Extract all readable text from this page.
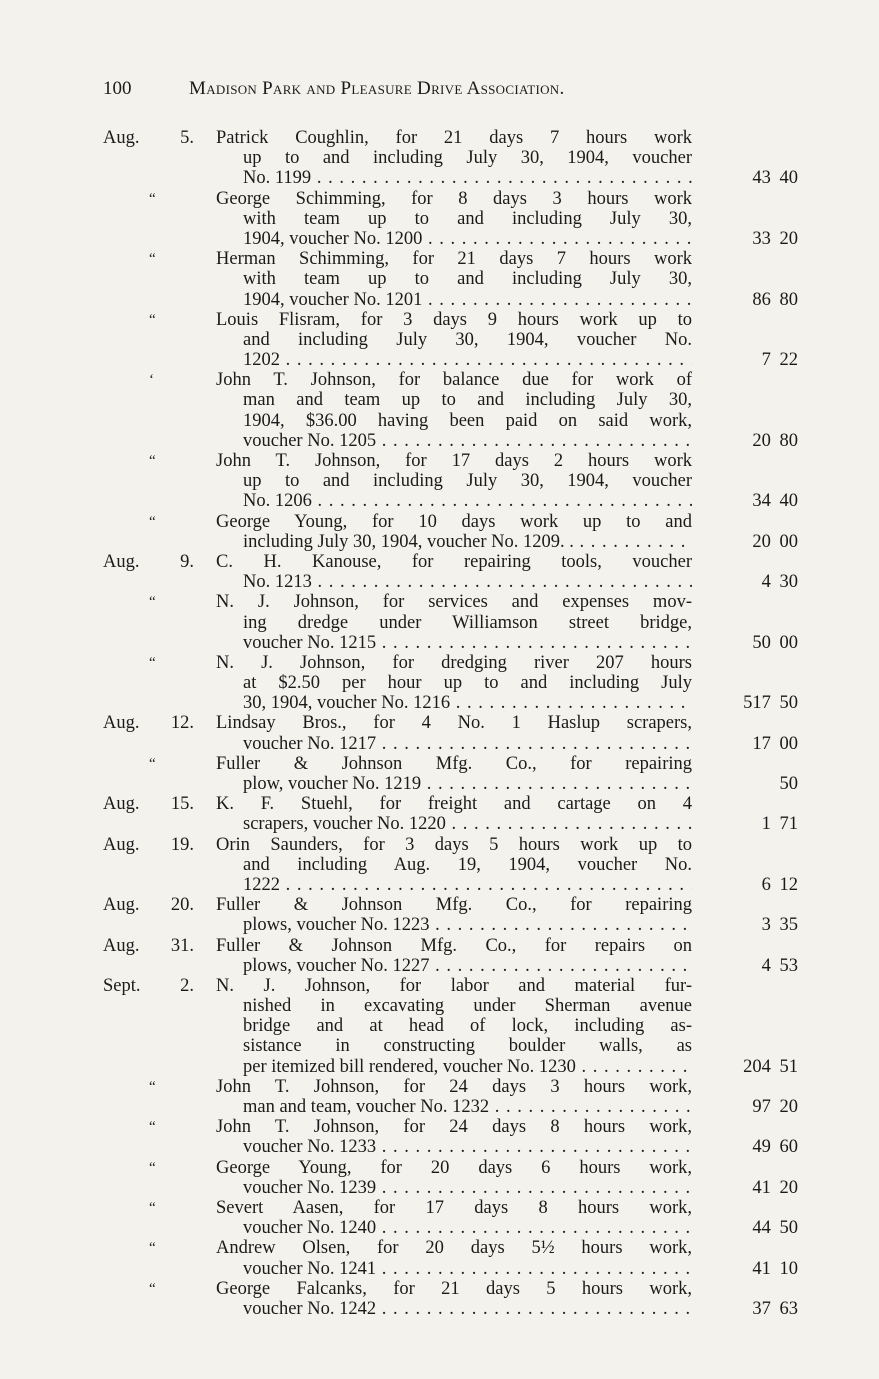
100	Madison Park and Pleasure Drive Association.
Aug.	5. Patrick Coughlin, for 21 days 7 hours work
up to and including July 30, 1904, voucher
No. 1199 . . .	43 40
“	George Schimming, for 8 days 3 hours work
with team up to and including July 30,
1904, voucher No. 1200 . . .	33 20
“	Herman Schimming, for 21 days 7 hours work
with team up to and including July 30,
1904, voucher No. 1201 . . .	86 80
“	Louis Flisram, for 3 days 9 hours work up to
and including July 30, 1904, voucher No.
1202 . . .	7 22
‘	John T. Johnson, for balance due for work of
man and team up to and including July 30,
1904, $36.00 having been paid on said work,
voucher No. 1205 . . .	20 80
“	John T. Johnson, for 17 days 2 hours work
up to and including July 30, 1904, voucher
No. 1206 . . .	34 40
“	George Young, for 10 days work up to and
including July 30, 1904, voucher No. 1209. . . . .	20 00
Aug.	9. C. H. Kanouse, for repairing tools, voucher
No. 1213 . . .	4 30
“	N. J. Johnson, for services and expenses mov-
ing dredge under Williamson street bridge,
voucher No. 1215 . . .	50 00
“	N. J. Johnson, for dredging river 207 hours
at $2.50 per hour up to and including July
30, 1904, voucher No. 1216 . . .	517 50
Aug.	12. Lindsay Bros., for 4 No. 1 Haslup scrapers,
voucher No. 1217 . . .	17 00
“	Fuller & Johnson Mfg. Co., for repairing
plow, voucher No. 1219 . . .	50
Aug.	15. K. F. Stuehl, for freight and cartage on 4
scrapers, voucher No. 1220 . . .	1 71
Aug.	19. Orin Saunders, for 3 days 5 hours work up to
and including Aug. 19, 1904, voucher No.
1222 . . .	6 12
Aug.	20. Fuller & Johnson Mfg. Co., for repairing
plows, voucher No. 1223 . . .	3 35
Aug.	31. Fuller & Johnson Mfg. Co., for repairs on
plows, voucher No. 1227 . . .	4 53
Sept.	2. N. J. Johnson, for labor and material fur-
nished in excavating under Sherman avenue
bridge and at head of lock, including as-
sistance in constructing boulder walls, as
per itemized bill rendered, voucher No. 1230 . . .	204 51
“	John T. Johnson, for 24 days 3 hours work,
man and team, voucher No. 1232 . . .	97 20
“	John T. Johnson, for 24 days 8 hours work,
voucher No. 1233 . . .	49 60
“	George Young, for 20 days 6 hours work,
voucher No. 1239 . . .	41 20
“	Severt Aasen, for 17 days 8 hours work,
voucher No. 1240 . . .	44 50
“	Andrew Olsen, for 20 days 5½ hours work,
voucher No. 1241 . . .	41 10
“	George Falcanks, for 21 days 5 hours work,
voucher No. 1242 . . .	37 63
